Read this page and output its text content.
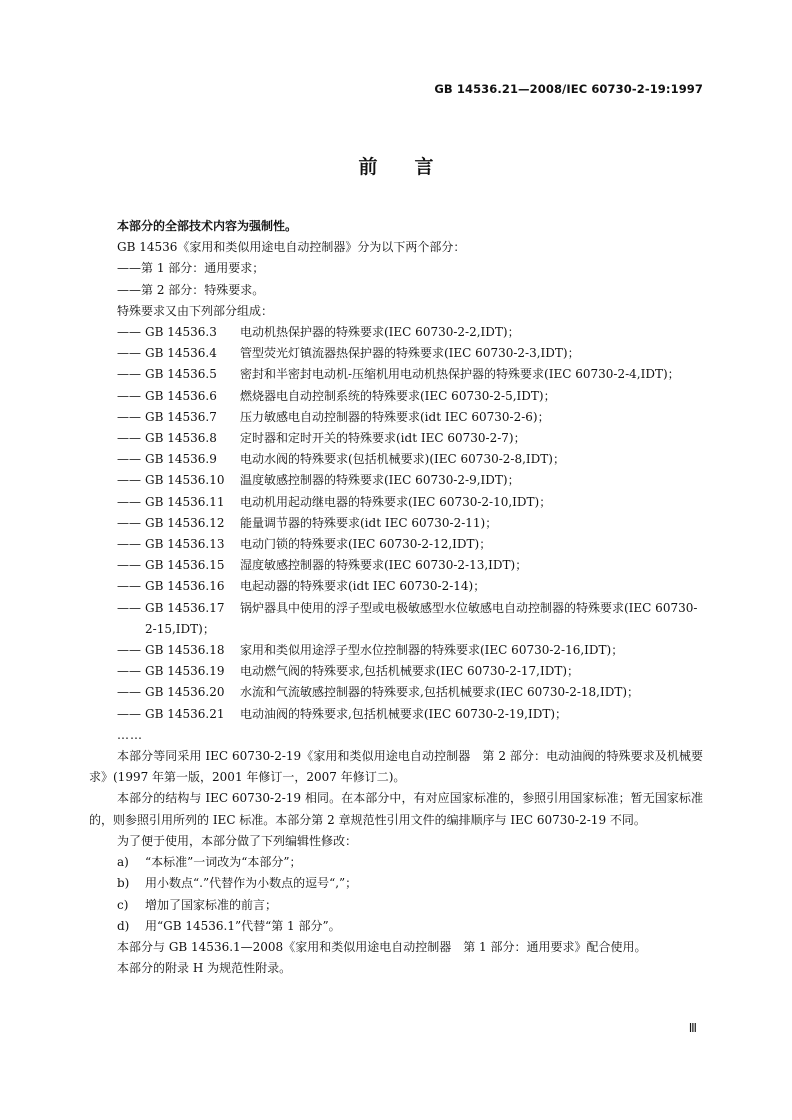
GB 14536.21—2008/IEC 60730-2-19:1997
前 言

本部分的全部技术内容为强制性。

GB 14536《家用和类似用途电自动控制器》分为以下两个部分：

——第 1 部分：通用要求；

——第 2 部分：特殊要求。

特殊要求又由下列部分组成：

—— GB 14536.3 电动机热保护器的特殊要求(IEC 60730-2-2,IDT)；

—— GB 14536.4 管型荧光灯镇流器热保护器的特殊要求(IEC 60730-2-3,IDT)；

—— GB 14536.5 密封和半密封电动机-压缩机用电动机热保护器的特殊要求(IEC 60730-2-4,IDT)；

—— GB 14536.6 燃烧器电自动控制系统的特殊要求(IEC 60730-2-5,IDT)；

—— GB 14536.7 压力敏感电自动控制器的特殊要求(idt IEC 60730-2-6)；

—— GB 14536.8 定时器和定时开关的特殊要求(idt IEC 60730-2-7)；

—— GB 14536.9 电动水阀的特殊要求(包括机械要求)(IEC 60730-2-8,IDT)；

—— GB 14536.10 温度敏感控制器的特殊要求(IEC 60730-2-9,IDT)；

—— GB 14536.11 电动机用起动继电器的特殊要求(IEC 60730-2-10,IDT)；

—— GB 14536.12 能量调节器的特殊要求(idt IEC 60730-2-11)；

—— GB 14536.13 电动门锁的特殊要求(IEC 60730-2-12,IDT)；

—— GB 14536.15 湿度敏感控制器的特殊要求(IEC 60730-2-13,IDT)；

—— GB 14536.16 电起动器的特殊要求(idt IEC 60730-2-14)；

—— GB 14536.17 锅炉器具中使用的浮子型或电极敏感型水位敏感电自动控制器的特殊要求(IEC 60730-2-15,IDT)；

—— GB 14536.18 家用和类似用途浮子型水位控制器的特殊要求(IEC 60730-2-16,IDT)；

—— GB 14536.19 电动燃气阀的特殊要求,包括机械要求(IEC 60730-2-17,IDT)；

—— GB 14536.20 水流和气流敏感控制器的特殊要求,包括机械要求(IEC 60730-2-18,IDT)；

—— GB 14536.21 电动油阀的特殊要求,包括机械要求(IEC 60730-2-19,IDT)；

……

本部分等同采用 IEC 60730-2-19《家用和类似用途电自动控制器　第 2 部分：电动油阀的特殊要求及机械要求》(1997 年第一版，2001 年修订一，2007 年修订二)。

本部分的结构与 IEC 60730-2-19 相同。在本部分中，有对应国家标准的，参照引用国家标准；暂无国家标准的，则参照引用所列的 IEC 标准。本部分第 2 章规范性引用文件的编排顺序与 IEC 60730-2-19 不同。

为了便于使用，本部分做了下列编辑性修改：

a) “本标准”一词改为“本部分”；

b) 用小数点“.”代替作为小数点的逗号“,”；

c) 增加了国家标准的前言；

d) 用“GB 14536.1”代替“第 1 部分”。

本部分与 GB 14536.1—2008《家用和类似用途电自动控制器　第 1 部分：通用要求》配合使用。

本部分的附录 H 为规范性附录。

Ⅲ
